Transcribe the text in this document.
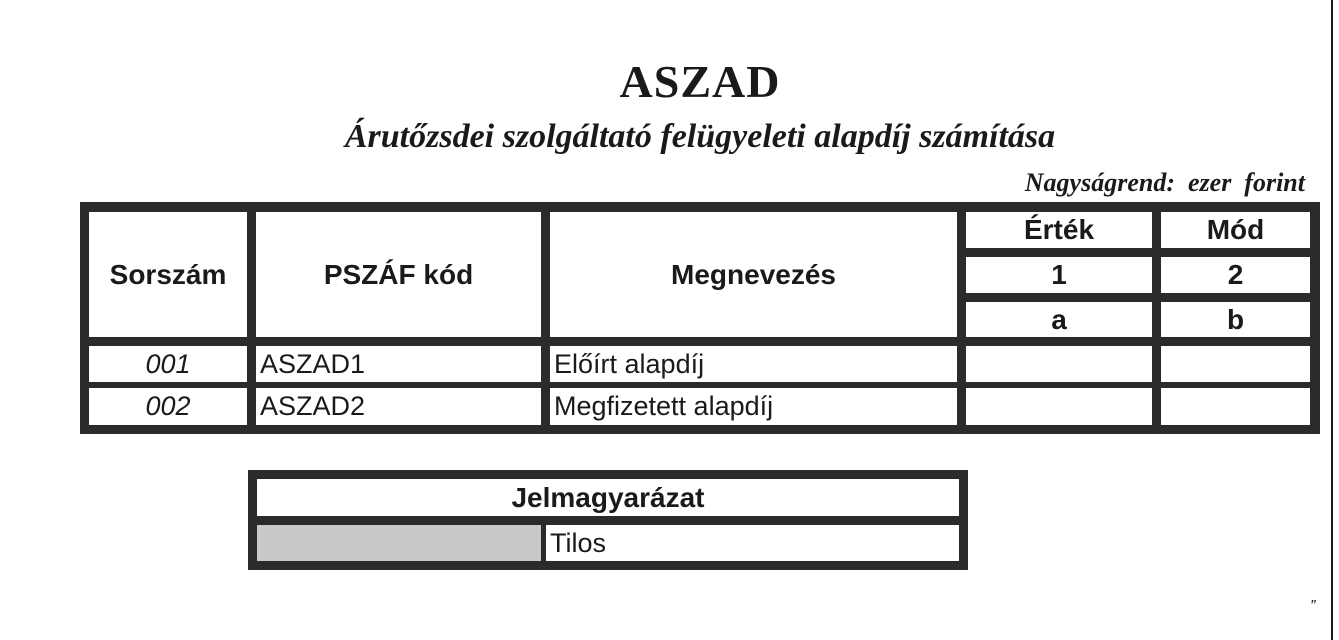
ASZAD
Árutőzsdei szolgáltató felügyeleti alapdíj számítása
Nagyságrend:  ezer  forint
Sorszám	PSZÁF kód	Megnevezés
Érték	Mód
1	2
a	b
001	ASZAD1	Előírt alapdíj
002	ASZAD2	Megfizetett alapdíj
Jelmagyarázat
Tilos
”
